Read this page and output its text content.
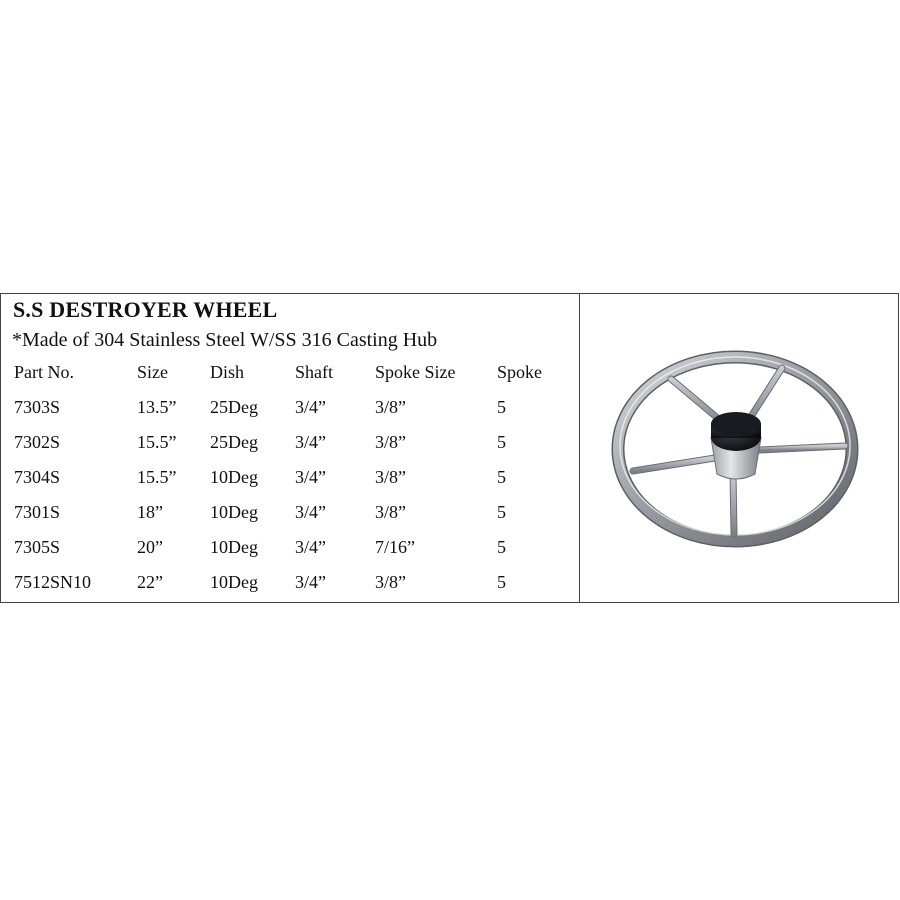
S.S DESTROYER WHEEL
*Made of 304 Stainless Steel W/SS 316 Casting Hub
Part No.	Size	Dish	Shaft	Spoke Size	Spoke
7303S	13.5”	25Deg	3/4”	3/8”	5
7302S	15.5”	25Deg	3/4”	3/8”	5
7304S	15.5”	10Deg	3/4”	3/8”	5
7301S	18”	10Deg	3/4”	3/8”	5
7305S	20”	10Deg	3/4”	7/16”	5
7512SN10	22”	10Deg	3/4”	3/8”	5
